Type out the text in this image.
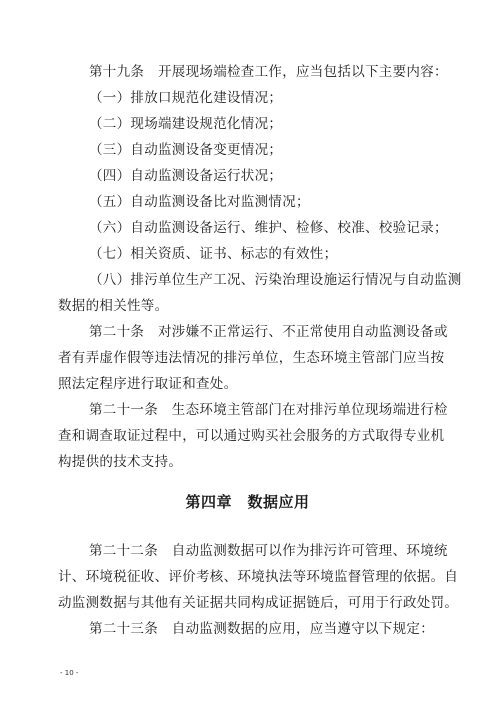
第十九条　开展现场端检查工作，应当包括以下主要内容：
（一）排放口规范化建设情况；
（二）现场端建设规范化情况；
（三）自动监测设备变更情况；
（四）自动监测设备运行状况；
（五）自动监测设备比对监测情况；
（六）自动监测设备运行、维护、检修、校准、校验记录；
（七）相关资质、证书、标志的有效性；
（八）排污单位生产工况、污染治理设施运行情况与自动监测
数据的相关性等。
第二十条　对涉嫌不正常运行、不正常使用自动监测设备或
者有弄虚作假等违法情况的排污单位，生态环境主管部门应当按
照法定程序进行取证和查处。
第二十一条　生态环境主管部门在对排污单位现场端进行检
查和调查取证过程中，可以通过购买社会服务的方式取得专业机
构提供的技术支持。
第四章　数据应用
第二十二条　自动监测数据可以作为排污许可管理、环境统
计、环境税征收、评价考核、环境执法等环境监督管理的依据。自
动监测数据与其他有关证据共同构成证据链后，可用于行政处罚。
第二十三条　自动监测数据的应用，应当遵守以下规定：
- 10 -
